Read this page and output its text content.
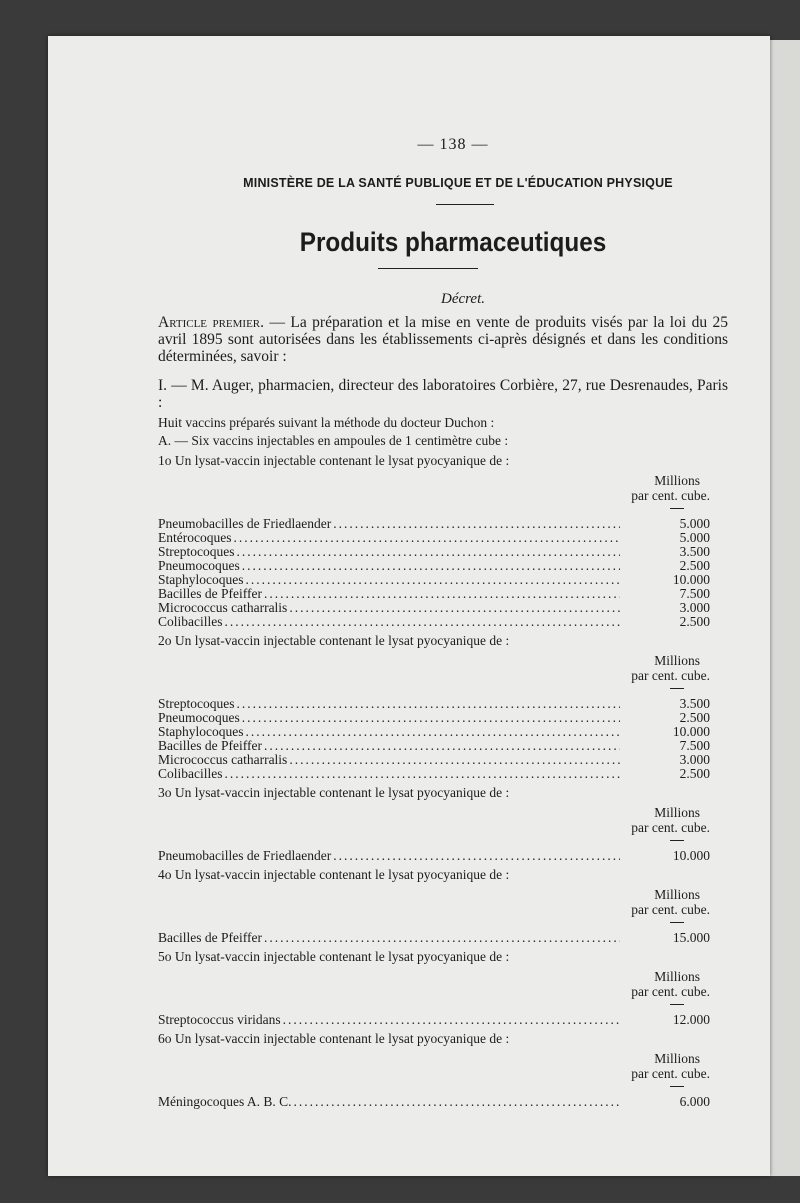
— 138 —

MINISTÈRE DE LA SANTÉ PUBLIQUE ET DE L'ÉDUCATION PHYSIQUE

Produits pharmaceutiques

Décret.

Article premier. — La préparation et la mise en vente de produits visés par la loi du 25 avril 1895 sont autorisées dans les établissements ci-après désignés et dans les conditions déterminées, savoir :

I. — M. Auger, pharmacien, directeur des laboratoires Corbière, 27, rue Desrenaudes, Paris :

Huit vaccins préparés suivant la méthode du docteur Duchon :

A. — Six vaccins injectables en ampoules de 1 centimètre cube :

1o Un lysat-vaccin injectable contenant le lysat pyocyanique de :

Millions
par cent. cube.
Pneumobacilles de Friedlaender .....	5.000
Entérocoques .....	5.000
Streptocoques .....	3.500
Pneumocoques .....	2.500
Staphylocoques .....	10.000
Bacilles de Pfeiffer .....	7.500
Micrococcus catharralis .....	3.000
Colibacilles .....	2.500

2o Un lysat-vaccin injectable contenant le lysat pyocyanique de :

Millions
par cent. cube.
Streptocoques .....	3.500
Pneumocoques .....	2.500
Staphylocoques .....	10.000
Bacilles de Pfeiffer .....	7.500
Micrococcus catharralis .....	3.000
Colibacilles .....	2.500

3o Un lysat-vaccin injectable contenant le lysat pyocyanique de :

Millions
par cent. cube.
Pneumobacilles de Friedlaender .....	10.000

4o Un lysat-vaccin injectable contenant le lysat pyocyanique de :

Millions
par cent. cube.
Bacilles de Pfeiffer .....	15.000

5o Un lysat-vaccin injectable contenant le lysat pyocyanique de :

Millions
par cent. cube.
Streptococcus viridans .....	12.000

6o Un lysat-vaccin injectable contenant le lysat pyocyanique de :

Millions
par cent. cube.
Méningocoques A. B. C. .....	6.000
